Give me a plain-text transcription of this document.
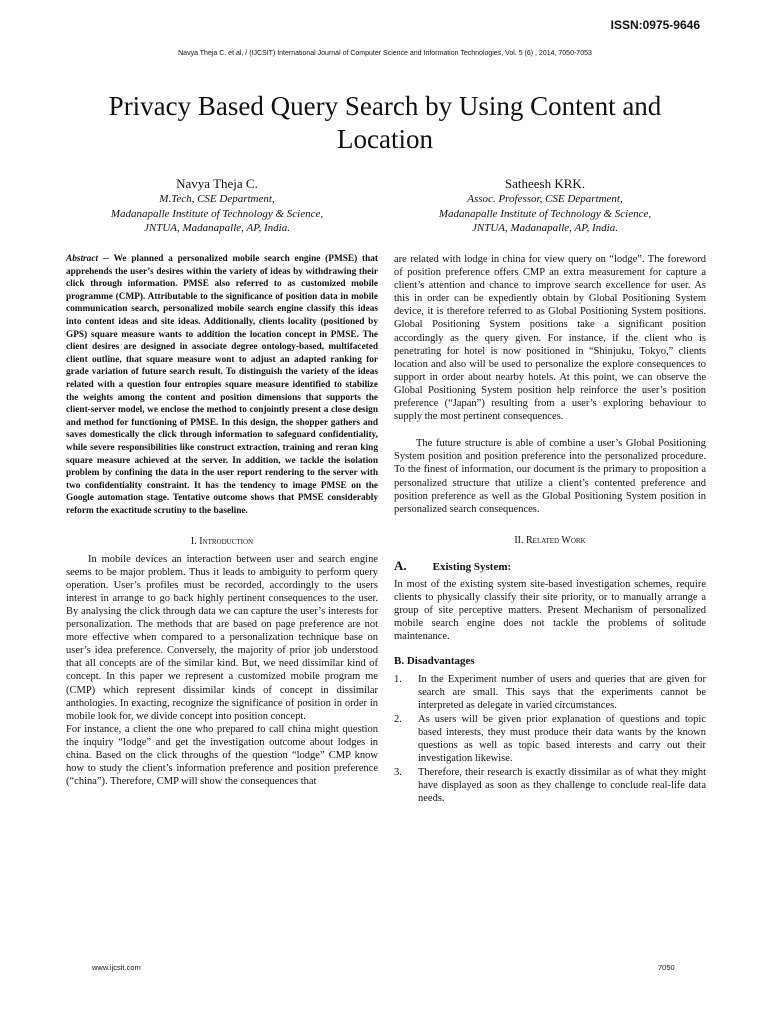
ISSN:0975-9646
Navya Theja C. et al, / (IJCSIT) International Journal of Computer Science and Information Technologies, Vol. 5 (6) , 2014, 7050-7053
Privacy Based Query Search by Using Content and Location
Navya Theja C.
M.Tech, CSE Department,
Madanapalle Institute of Technology & Science,
JNTUA, Madanapalle, AP, India.
Satheesh KRK.
Assoc. Professor, CSE Department,
Madanapalle Institute of Technology & Science,
JNTUA, Madanapalle, AP, India.

Abstract -- We planned a personalized mobile search engine (PMSE) that apprehends the user’s desires within the variety of ideas by withdrawing their click through information. PMSE also referred to as customized mobile programme (CMP). Attributable to the significance of position data in mobile communication search, personalized mobile search engine classify this ideas into content ideas and site ideas. Additionally, clients locality (positioned by GPS) square measure wants to addition the location concept in PMSE. The client desires are designed in associate degree ontology-based, multifaceted client outline, that square measure wont to adjust an adapted ranking for grade variation of future search result. To distinguish the variety of the ideas related with a question four entropies square measure identified to stabilize the weights among the content and position dimensions that supports the client-server model, we enclose the method to conjointly present a close design and method for functioning of PMSE. In this design, the shopper gathers and saves domestically the click through information to safeguard confidentiality, while severe responsibilities like construct extraction, training and reran king square measure achieved at the server. In addition, we tackle the isolation problem by confining the data in the user report rendering to the server with two confidentiality constraint. It has the tendency to image PMSE on the Google automation stage. Tentative outcome shows that PMSE considerably reform the exactitude scrutiny to the baseline.

I. Introduction

In mobile devices an interaction between user and search engine seems to be major problem. Thus it leads to ambiguity to perform query operation. User’s profiles must be recorded, accordingly to the users interest in arrange to go back highly pertinent consequences to the user. By analysing the click through data we can capture the user’s interests for personalization. The methods that are based on page preference are not more effective when compared to a personalization technique base on user’s idea preference. Conversely, the majority of prior job understood that all concepts are of the similar kind. But, we need dissimilar kind of concept. In this paper we represent a customized mobile program me (CMP) which represent dissimilar kinds of concept in dissimilar anthologies. In exacting, recognize the significance of position in order in mobile look for, we divide concept into position concept.

For instance, a client the one who prepared to call china might question the inquiry “lodge” and get the investigation outcome about lodges in china. Based on the click throughs of the question “lodge” CMP know how to study the client’s information preference and position preference (“china”). Therefore, CMP will show the consequences that

are related with lodge in china for view query on “lodge”. The foreword of position preference offers CMP an extra measurement for capture a client’s attention and chance to improve search excellence for user. As this in order can be expediently obtain by Global Positioning System device, it is therefore referred to as Global Positioning System positions. Global Positioning System positions take a significant position accordingly as the query given. For instance, if the client who is penetrating for hotel is now positioned in “Shinjuku, Tokyo,” clients location and also will be used to personalize the explore consequences to support in order about nearby hotels. At this point, we can observe the Global Positioning System position help reinforce the user’s position preference (“Japan”) resulting from a user’s exploring behaviour to supply the most pertinent consequences.

The future structure is able of combine a user’s Global Positioning System position and position preference into the personalized procedure. To the finest of information, our document is the primary to proposition a personalized structure that utilize a client’s contented preference and position preference as well as the Global Positioning System position in personalized search consequences.

II. Related Work
A. Existing System:

In most of the existing system site-based investigation schemes, require clients to physically classify their site priority, or to manually arrange a group of site perceptive matters. Present Mechanism of personalized mobile search engine does not tackle the problems of solitude maintenance.

B. Disadvantages
1. In the Experiment number of users and queries that are given for search are small. This says that the experiments cannot be interpreted as delegate in varied circumstances.
2. As users will be given prior explanation of questions and topic based interests, they must produce their data wants by the known questions as well as topic based interests and carry out their investigation likewise.
3. Therefore, their research is exactly dissimilar as of what they might have displayed as soon as they challenge to conclude real-life data needs.
www.ijcsit.com	7050
